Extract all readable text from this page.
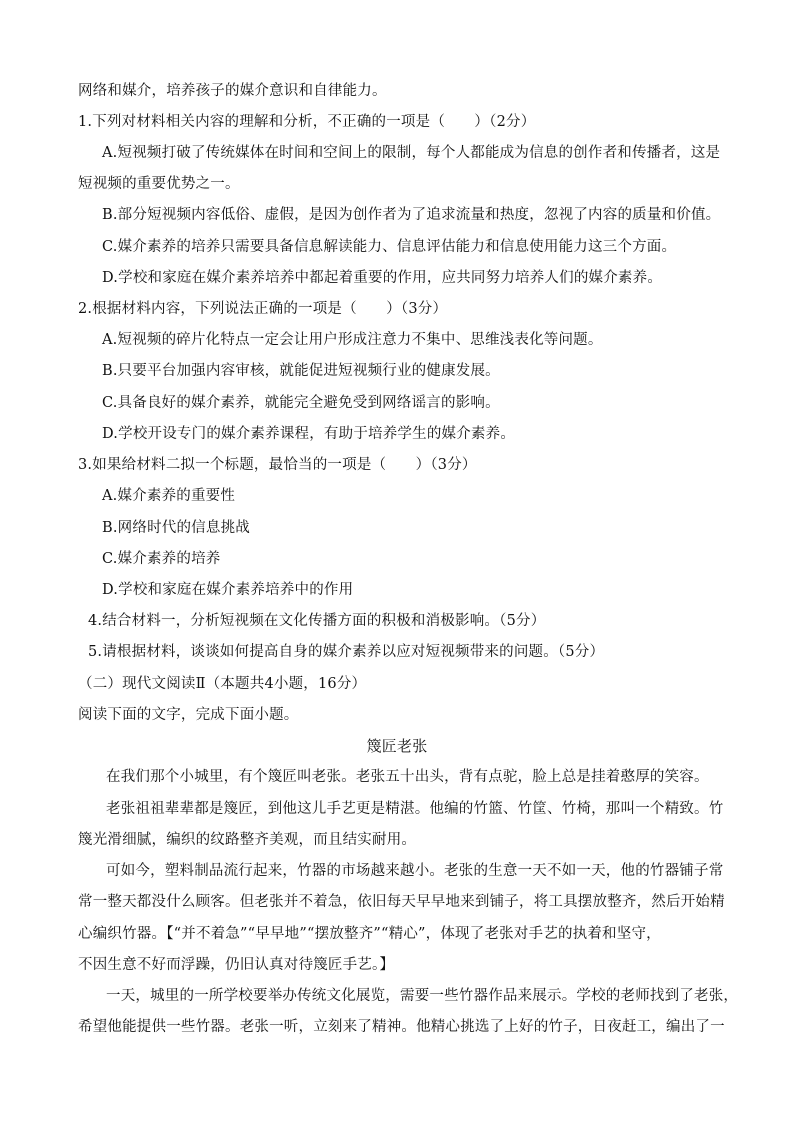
网络和媒介，培养孩子的媒介意识和自律能力。
1.下列对材料相关内容的理解和分析，不正确的一项是（　　）（2分）
A.短视频打破了传统媒体在时间和空间上的限制，每个人都能成为信息的创作者和传播者，这是
短视频的重要优势之一。
B.部分短视频内容低俗、虚假，是因为创作者为了追求流量和热度，忽视了内容的质量和价值。
C.媒介素养的培养只需要具备信息解读能力、信息评估能力和信息使用能力这三个方面。
D.学校和家庭在媒介素养培养中都起着重要的作用，应共同努力培养人们的媒介素养。
2.根据材料内容，下列说法正确的一项是（　　）（3分）
A.短视频的碎片化特点一定会让用户形成注意力不集中、思维浅表化等问题。
B.只要平台加强内容审核，就能促进短视频行业的健康发展。
C.具备良好的媒介素养，就能完全避免受到网络谣言的影响。
D.学校开设专门的媒介素养课程，有助于培养学生的媒介素养。
3.如果给材料二拟一个标题，最恰当的一项是（　　）（3分）
A.媒介素养的重要性
B.网络时代的信息挑战
C.媒介素养的培养
D.学校和家庭在媒介素养培养中的作用
4.结合材料一，分析短视频在文化传播方面的积极和消极影响。（5分）
5.请根据材料，谈谈如何提高自身的媒介素养以应对短视频带来的问题。（5分）
（二）现代文阅读Ⅱ（本题共4小题，16分）
阅读下面的文字，完成下面小题。
篾匠老张
在我们那个小城里，有个篾匠叫老张。老张五十出头，背有点驼，脸上总是挂着憨厚的笑容。
老张祖祖辈辈都是篾匠，到他这儿手艺更是精湛。他编的竹篮、竹筐、竹椅，那叫一个精致。竹
篾光滑细腻，编织的纹路整齐美观，而且结实耐用。
可如今，塑料制品流行起来，竹器的市场越来越小。老张的生意一天不如一天，他的竹器铺子常
常一整天都没什么顾客。但老张并不着急，依旧每天早早地来到铺子，将工具摆放整齐，然后开始精
心编织竹器。【“并不着急”“早早地”“摆放整齐”“精心”，体现了老张对手艺的执着和坚守，
不因生意不好而浮躁，仍旧认真对待篾匠手艺。】
一天，城里的一所学校要举办传统文化展览，需要一些竹器作品来展示。学校的老师找到了老张，
希望他能提供一些竹器。老张一听，立刻来了精神。他精心挑选了上好的竹子，日夜赶工，编出了一
